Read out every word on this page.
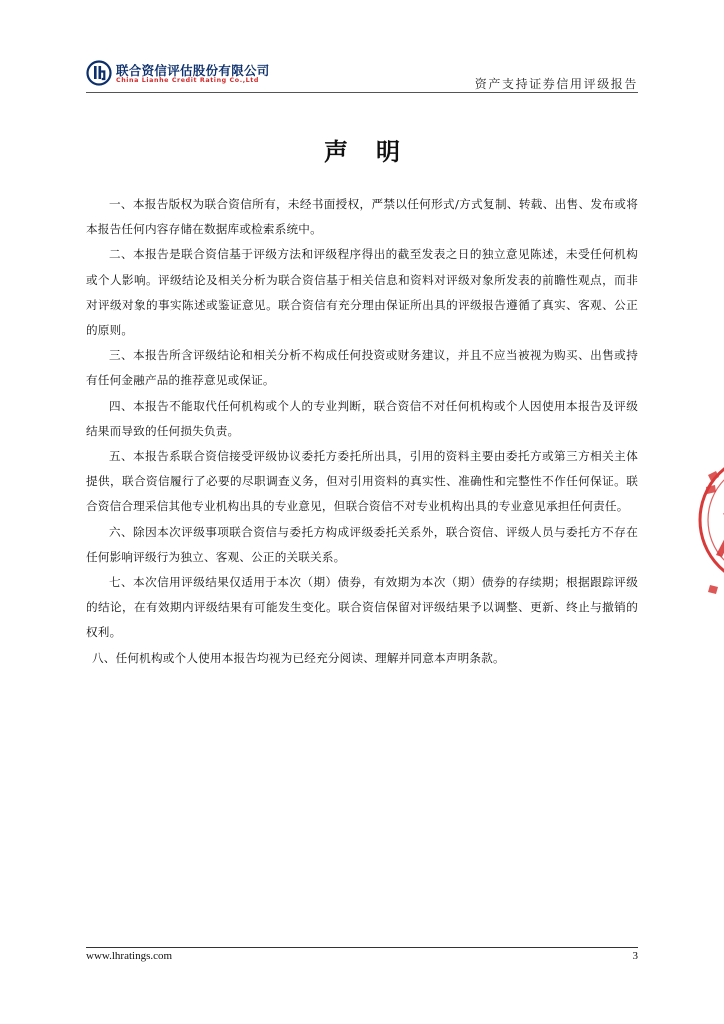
联合资信评估股份有限公司
China Lianhe Credit Rating Co.,Ltd	资产支持证券信用评级报告
声明

一、本报告版权为联合资信所有，未经书面授权，严禁以任何形式/方式复制、转载、出售、发布或将本报告任何内容存储在数据库或检索系统中。

二、本报告是联合资信基于评级方法和评级程序得出的截至发表之日的独立意见陈述，未受任何机构或个人影响。评级结论及相关分析为联合资信基于相关信息和资料对评级对象所发表的前瞻性观点，而非对评级对象的事实陈述或鉴证意见。联合资信有充分理由保证所出具的评级报告遵循了真实、客观、公正的原则。

三、本报告所含评级结论和相关分析不构成任何投资或财务建议，并且不应当被视为购买、出售或持有任何金融产品的推荐意见或保证。

四、本报告不能取代任何机构或个人的专业判断，联合资信不对任何机构或个人因使用本报告及评级结果而导致的任何损失负责。

五、本报告系联合资信接受评级协议委托方委托所出具，引用的资料主要由委托方或第三方相关主体提供，联合资信履行了必要的尽职调查义务，但对引用资料的真实性、准确性和完整性不作任何保证。联合资信合理采信其他专业机构出具的专业意见，但联合资信不对专业机构出具的专业意见承担任何责任。

六、除因本次评级事项联合资信与委托方构成评级委托关系外，联合资信、评级人员与委托方不存在任何影响评级行为独立、客观、公正的关联关系。

七、本次信用评级结果仅适用于本次（期）债券，有效期为本次（期）债券的存续期；根据跟踪评级的结论，在有效期内评级结果有可能发生变化。联合资信保留对评级结果予以调整、更新、终止与撤销的权利。

八、任何机构或个人使用本报告均视为已经充分阅读、理解并同意本声明条款。

www.lhratings.com	3
